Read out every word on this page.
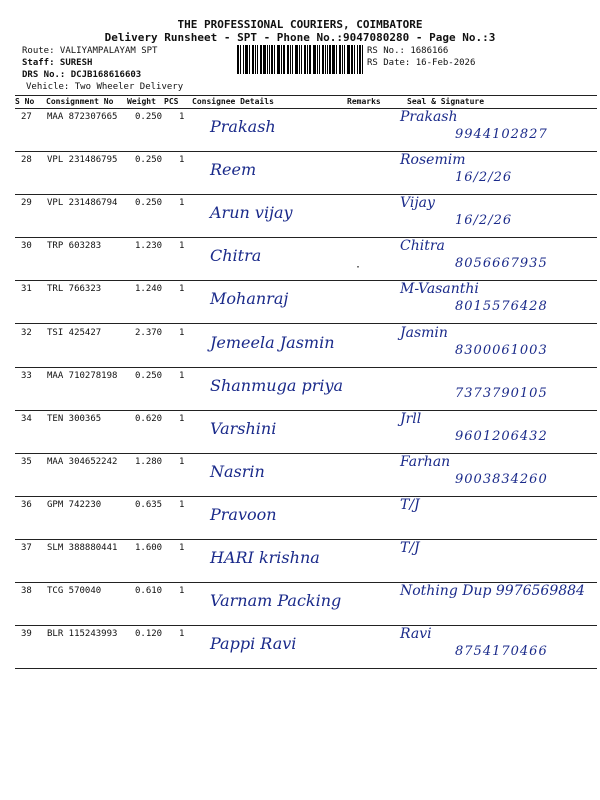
THE PROFESSIONAL COURIERS, COIMBATORE
Delivery Runsheet - SPT - Phone No.:9047080280 - Page No.:3
Route: VALIYAMPALAYAM SPT
Staff: SURESH
DRS No.: DCJB168616603
Vehicle: Two Wheeler Delivery
RS No.: 1686166
RS Date: 16-Feb-2026
S No Consignment No Weight PCS Consignee Details	Remarks	Seal & Signature
27 MAA 872307665 0.250 1 Prakash	Prakash
9944102827
28 VPL 231486795 0.250 1 Reem	Rosemim
16/2/26
29 VPL 231486794 0.250 1 Arun vijay	Vijay
16/2/26
30 TRP 603283	1.230 1 Chitra	Chitra
8056667935
31 TRL 766323	1.240 1 Mohanraj	M-Vasanthi
8015576428
32 TSI 425427	2.370 1 Jemeela Jasmin	Jasmin
8300061003
33 MAA 710278198 0.250 1 Shanmuga priya	7373790105
34 TEN 300365	0.620 1 Varshini	Jrll
9601206432
35 MAA 304652242 1.280 1 Nasrin	Farhan
9003834260
36 GPM 742230	0.635 1 Pravoon	T/J
37 SLM 388880441 1.600 1 HARI krishna	T/J
38 TCG 570040	0.610 1 Varnam Packing	Nothing Dup 9976569884
39 BLR 115243993 0.120 1 Pappi Ravi	Ravi
8754170466
·
